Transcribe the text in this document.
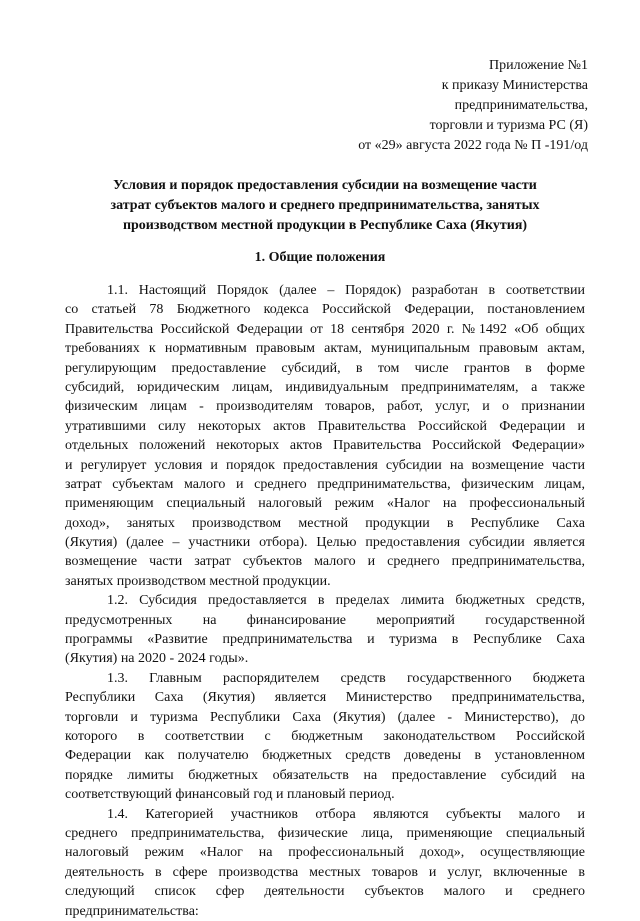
Приложение №1
к приказу Министерства
предпринимательства,
торговли и туризма РС (Я)
от «29» августа 2022 года № П -191/од
Условия и порядок предоставления субсидии на возмещение части
затрат субъектов малого и среднего предпринимательства, занятых
производством местной продукции в Республике Саха (Якутия)
1. Общие положения
1.1. Настоящий Порядок (далее – Порядок) разработан в соответствии
со статьей 78 Бюджетного кодекса Российской Федерации, постановлением
Правительства Российской Федерации от 18 сентября 2020 г. №1492 «Об общих
требованиях к нормативным правовым актам, муниципальным правовым актам,
регулирующим предоставление субсидий, в том числе грантов в форме
субсидий, юридическим лицам, индивидуальным предпринимателям, а также
физическим лицам - производителям товаров, работ, услуг, и о признании
утратившими силу некоторых актов Правительства Российской Федерации и
отдельных положений некоторых актов Правительства Российской Федерации»
и регулирует условия и порядок предоставления субсидии на возмещение части
затрат субъектам малого и среднего предпринимательства, физическим лицам,
применяющим специальный налоговый режим «Налог на профессиональный
доход», занятых производством местной продукции в Республике Саха
(Якутия) (далее – участники отбора). Целью предоставления субсидии является
возмещение части затрат субъектов малого и среднего предпринимательства,
занятых производством местной продукции.
1.2. Субсидия предоставляется в пределах лимита бюджетных средств,
предусмотренных на финансирование мероприятий государственной
программы «Развитие предпринимательства и туризма в Республике Саха
(Якутия) на 2020 - 2024 годы».
1.3. Главным распорядителем средств государственного бюджета
Республики Саха (Якутия) является Министерство предпринимательства,
торговли и туризма Республики Саха (Якутия) (далее - Министерство), до
которого в соответствии с бюджетным законодательством Российской
Федерации как получателю бюджетных средств доведены в установленном
порядке лимиты бюджетных обязательств на предоставление субсидий на
соответствующий финансовый год и плановый период.
1.4. Категорией участников отбора являются субъекты малого и
среднего предпринимательства, физические лица, применяющие специальный
налоговый режим «Налог на профессиональный доход», осуществляющие
деятельность в сфере производства местных товаров и услуг, включенные в
следующий список сфер деятельности субъектов малого и среднего
предпринимательства:
